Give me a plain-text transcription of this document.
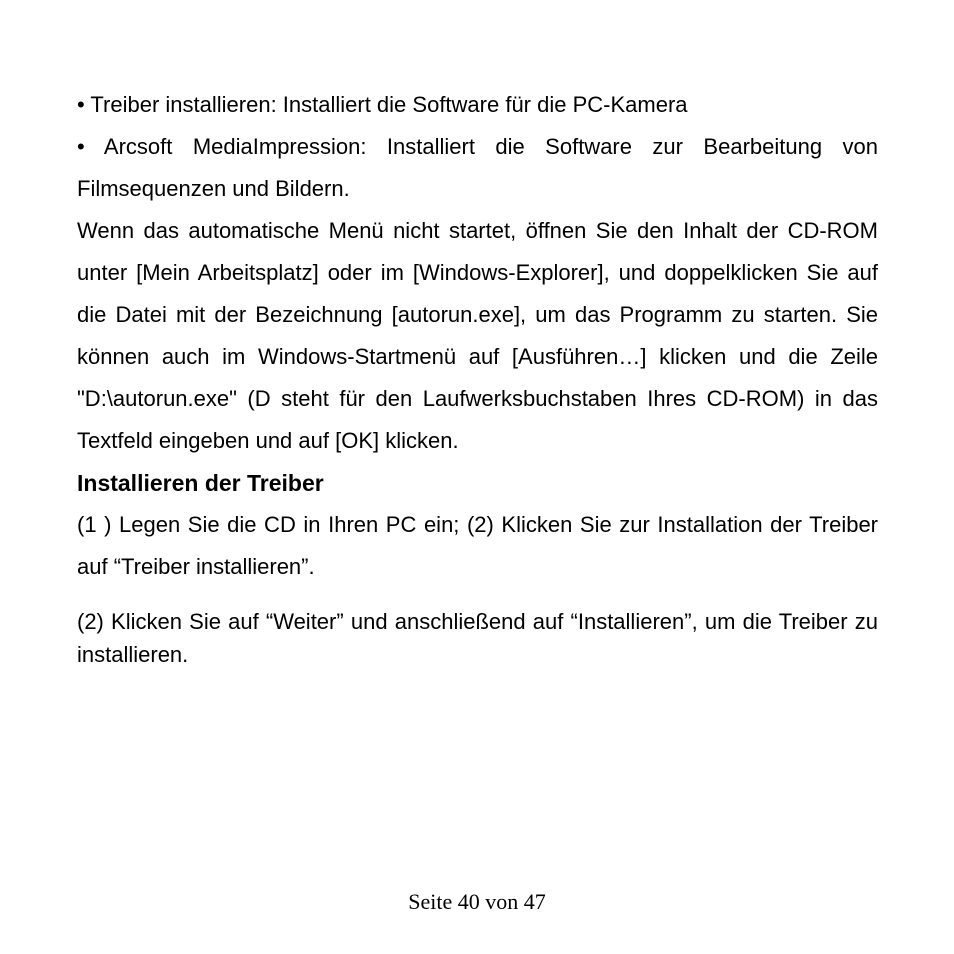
• Treiber installieren: Installiert die Software für die PC-Kamera

• Arcsoft MediaImpression: Installiert die Software zur Bearbeitung von Filmsequenzen und Bildern.

Wenn das automatische Menü nicht startet, öffnen Sie den Inhalt der CD-ROM unter [Mein Arbeitsplatz] oder im [Windows-Explorer], und doppelklicken Sie auf die Datei mit der Bezeichnung [autorun.exe], um das Programm zu starten. Sie können auch im Windows-Startmenü auf [Ausführen…] klicken und die Zeile "D:\autorun.exe" (D steht für den Laufwerksbuchstaben Ihres CD-ROM) in das Textfeld eingeben und auf [OK] klicken.

Installieren der Treiber

(1 ) Legen Sie die CD in Ihren PC ein; (2) Klicken Sie zur Installation der Treiber auf “Treiber installieren”.

(2) Klicken Sie auf “Weiter” und anschließend auf “Installieren”, um die Treiber zu installieren.

Seite 40 von 47
